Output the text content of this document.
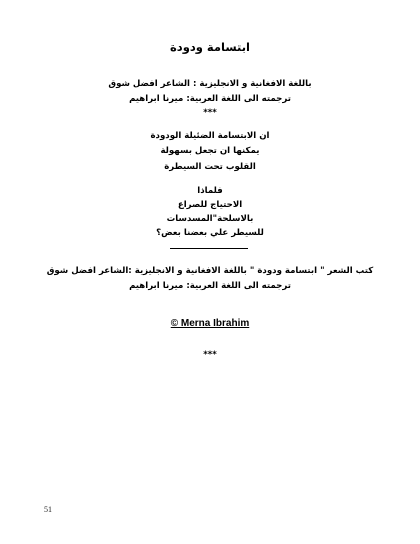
ابتسامة ودودة
باللغة الافغانية و الانجليزية : الشاعر افضل شوق
ترجمته الى اللغة العربية: ميرنا ابراهيم
***
ان الابتسامة الضئيلة الودودة
يمكنها ان تجعل بسهولة
القلوب تحت السيطرة
فلماذا
الاحتياج للصراع
بالاسلحة"المسدسات
للسيطر علي بعضنا بعض؟
كتب الشعر " ابتسامة ودودة " باللغة الافغانية و الانجليزية :الشاعر افضل شوق
ترجمته الى اللغة العربية: ميرنا ابراهيم
© Merna Ibrahim
***
51
